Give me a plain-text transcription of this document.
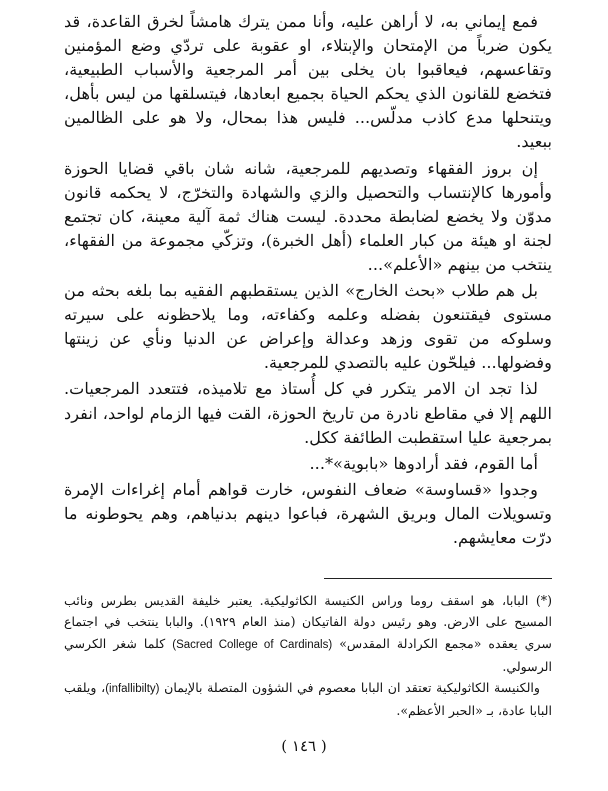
فمع إيماني به، لا أراهن عليه، وأنا ممن يترك هامشاً لخرق القاعدة، قد يكون ضرباً من الإمتحان والإبتلاء، او عقوبة على تردّي وضع المؤمنين وتقاعسهم، فيعاقبوا بان يخلى بين أمر المرجعية والأسباب الطبيعية، فتخضع للقانون الذي يحكم الحياة بجميع ابعادها، فيتسلقها من ليس بأهل، ويتنحلها مدع كاذب مدلّس... فليس هذا بمحال، ولا هو على الظالمين ببعيد.

إن بروز الفقهاء وتصديهم للمرجعية، شانه شان باقي قضايا الحوزة وأمورها كالإنتساب والتحصيل والزي والشهادة والتخرّج، لا يحكمه قانون مدوّن ولا يخضع لضابطة محددة. ليست هناك ثمة آلية معينة، كان تجتمع لجنة او هيئة من كبار العلماء (أهل الخبرة)، وتزكّي مجموعة من الفقهاء، ينتخب من بينهم «الأعلم»...

بل هم طلاب «بحث الخارج» الذين يستقطبهم الفقيه بما بلغه بحثه من مستوى فيقتنعون بفضله وعلمه وكفاءته، وما يلاحظونه على سيرته وسلوكه من تقوى وزهد وعدالة وإعراض عن الدنيا ونأي عن زينتها وفضولها... فيلحّون عليه بالتصدي للمرجعية.

لذا تجد ان الامر يتكرر في كل أُستاذ مع تلاميذه، فتتعدد المرجعيات. اللهم إلا في مقاطع نادرة من تاريخ الحوزة، القت فيها الزمام لواحد، انفرد بمرجعية عليا استقطبت الطائفة ككل.

أما القوم، فقد أرادوها «بابوية»*...

وجدوا «قساوسة» ضعاف النفوس، خارت قواهم أمام إغراءات الإمرة وتسويلات المال وبريق الشهرة، فباعوا دينهم بدنياهم، وهم يحوطونه ما درّت معايشهم.

(*) البابا، هو اسقف روما وراس الكنيسة الكاثوليكية. يعتبر خليفة القديس بطرس ونائب المسيح على الارض. وهو رئيس دولة الفاتيكان (منذ العام ١٩٢٩). والبابا ينتخب في اجتماع سري يعقده «مجمع الكرادلة المقدس» (Sacred College of Cardinals) كلما شغر الكرسي الرسولي.

والكنيسة الكاثوليكية تعتقد ان البابا معصوم في الشؤون المتصلة بالإيمان (infallibilty)، ويلقب البابا عادة، بـ «الحبر الأعظم».

( ١٤٦ )
